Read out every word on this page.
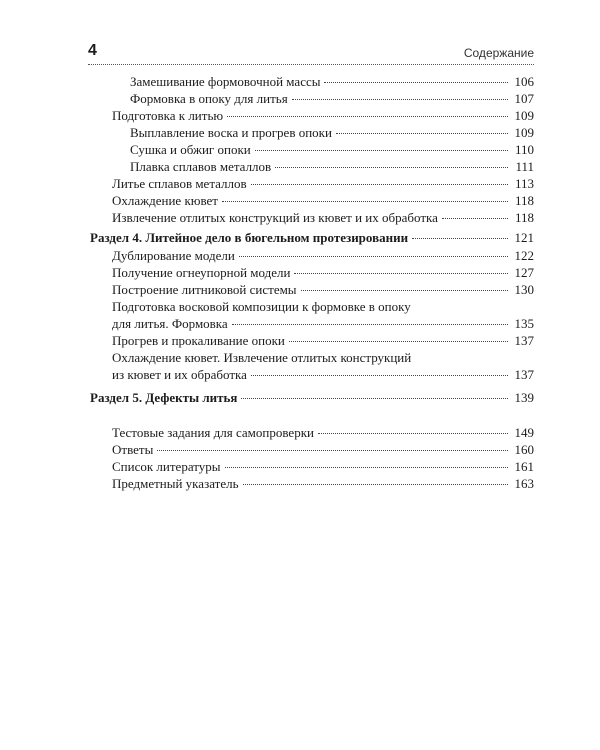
4	Содержание
Замешивание формовочной массы	106
Формовка в опоку для литья	107
Подготовка к литью	109
Выплавление воска и прогрев опоки	109
Сушка и обжиг опоки	110
Плавка сплавов металлов	111
Литье сплавов металлов	113
Охлаждение кювет	118
Извлечение отлитых конструкций из кювет и их обработка	118
Раздел 4. Литейное дело в бюгельном протезировании	121
Дублирование модели	122
Получение огнеупорной модели	127
Построение литниковой системы	130
Подготовка восковой композиции к формовке в опоку
для литья. Формовка	135
Прогрев и прокаливание опоки	137
Охлаждение кювет. Извлечение отлитых конструкций
из кювет и их обработка	137
Раздел 5. Дефекты литья	139
Тестовые задания для самопроверки	149
Ответы	160
Список литературы	161
Предметный указатель	163
